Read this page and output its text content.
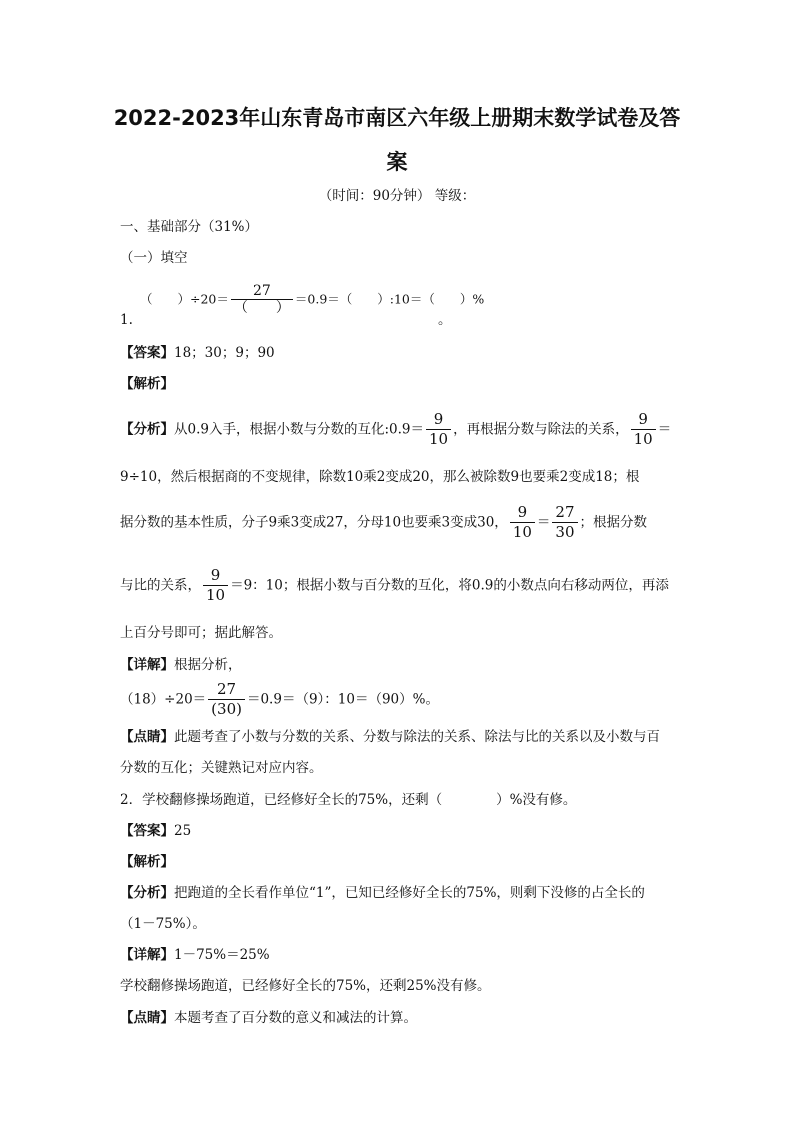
2022-2023年山东青岛市南区六年级上册期末数学试卷及答
案
（时间：90分钟） 等级：
一、基础部分（31%）
（一）填空
1.
（　　）$\div 20= \frac{27}{( )} =0.9=$（　　）:10＝（　　）%
。
【答案】18；30；9；90
【解析】
【分析】从0.9入手，根据小数与分数的互化:0.9＝ $\frac{9}{10}$ ，再根据分数与除法的关系， $\frac{9}{10}$ ＝
9÷10，然后根据商的不变规律，除数10乘2变成20，那么被除数9也要乘2变成18；根
据分数的基本性质，分子9乘3变成27，分母10也要乘3变成30， $\frac{9}{10} = \frac{27}{30}$ ；根据分数
与比的关系， $\frac{9}{10} =9$：10；根据小数与百分数的互化，将0.9的小数点向右移动两位，再添
上百分号即可；据此解答。
【详解】根据分析，
$(18)\div 20= \frac{27}{(30)} =0.9=(9)$：10＝（90）%。
【点睛】此题考查了小数与分数的关系、分数与除法的关系、除法与比的关系以及小数与百
分数的互化；关键熟记对应内容。
2．学校翻修操场跑道，已经修好全长的75%，还剩（　　　　）%没有修。
【答案】25
【解析】
【分析】把跑道的全长看作单位“1”，已知已经修好全长的75%，则剩下没修的占全长的
（1－75%）。
【详解】1－75%＝25%
学校翻修操场跑道，已经修好全长的75%，还剩25%没有修。
【点睛】本题考查了百分数的意义和减法的计算。
